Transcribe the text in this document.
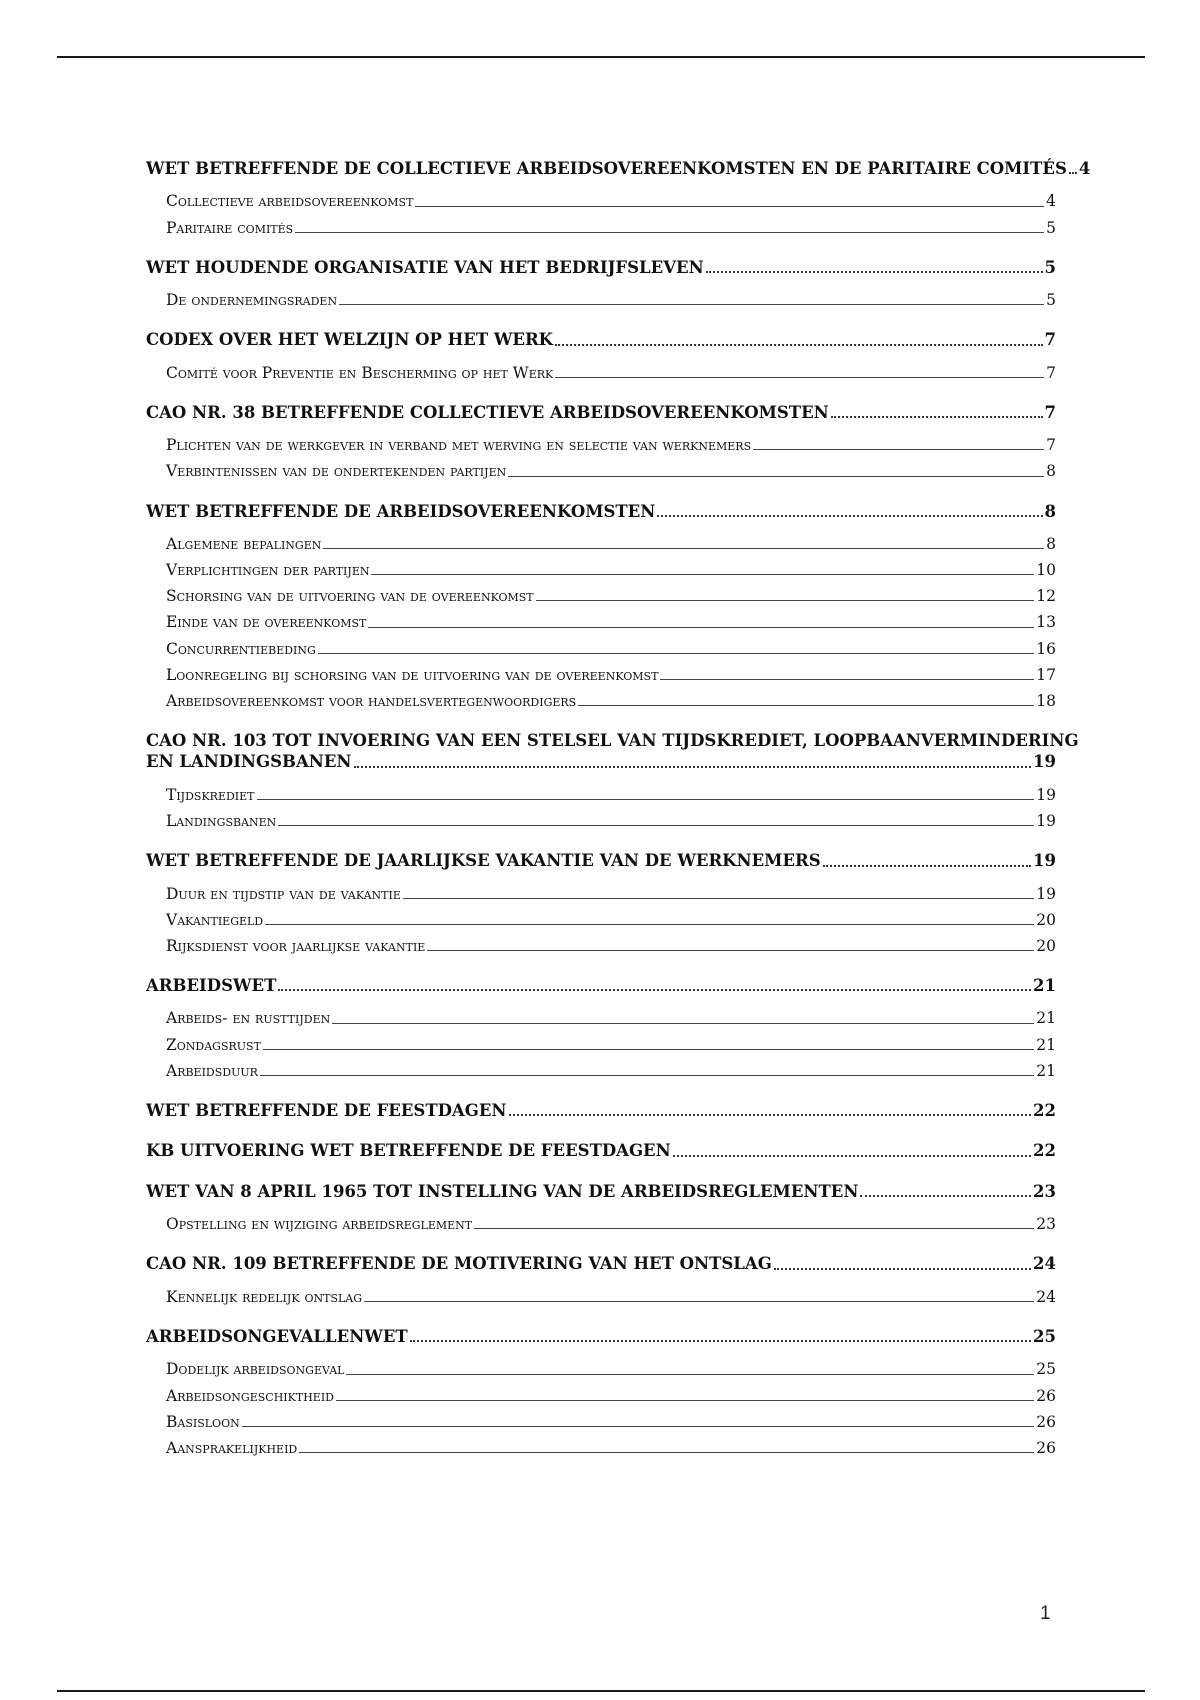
WET BETREFFENDE DE COLLECTIEVE ARBEIDSOVEREENKOMSTEN EN DE PARITAIRE COMITÉS 4
Collectieve arbeidsovereenkomst	4
Paritaire comités	5
WET HOUDENDE ORGANISATIE VAN HET BEDRIJFSLEVEN	5
De ondernemingsraden	5
CODEX OVER HET WELZIJN OP HET WERK	7
Comité voor Preventie en Bescherming op het Werk	7
CAO NR. 38 BETREFFENDE COLLECTIEVE ARBEIDSOVEREENKOMSTEN	7
Plichten van de werkgever in verband met werving en selectie van werknemers	7
Verbintenissen van de ondertekenden partijen	8
WET BETREFFENDE DE ARBEIDSOVEREENKOMSTEN	8
Algemene bepalingen	8
Verplichtingen der partijen	10
Schorsing van de uitvoering van de overeenkomst	12
Einde van de overeenkomst	13
Concurrentiebeding	16
Loonregeling bij schorsing van de uitvoering van de overeenkomst	17
Arbeidsovereenkomst voor handelsvertegenwoordigers	18
CAO NR. 103 TOT INVOERING VAN EEN STELSEL VAN TIJDSKREDIET, LOOPBAANVERMINDERING
EN LANDINGSBANEN	19
Tijdskrediet	19
Landingsbanen	19
WET BETREFFENDE DE JAARLIJKSE VAKANTIE VAN DE WERKNEMERS	19
Duur en tijdstip van de vakantie	19
Vakantiegeld	20
Rijksdienst voor jaarlijkse vakantie	20
ARBEIDSWET	21
Arbeids- en rusttijden	21
Zondagsrust	21
Arbeidsduur	21
WET BETREFFENDE DE FEESTDAGEN	22
KB UITVOERING WET BETREFFENDE DE FEESTDAGEN	22
WET VAN 8 APRIL 1965 TOT INSTELLING VAN DE ARBEIDSREGLEMENTEN	23
Opstelling en wijziging arbeidsreglement	23
CAO NR. 109 BETREFFENDE DE MOTIVERING VAN HET ONTSLAG	24
Kennelijk redelijk ontslag	24
ARBEIDSONGEVALLENWET	25
Dodelijk arbeidsongeval	25
Arbeidsongeschiktheid	26
Basisloon	26
Aansprakelijkheid	26
1
